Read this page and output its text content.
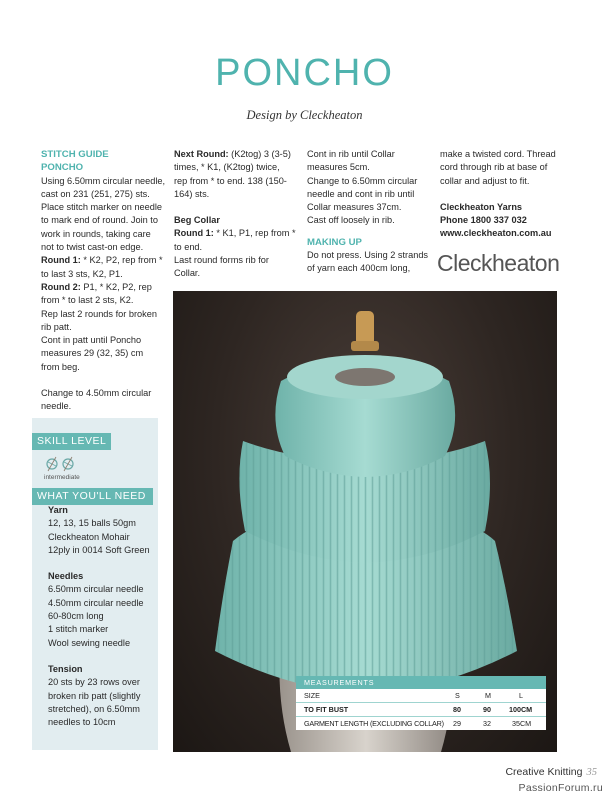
PONCHO
Design by Cleckheaton

STITCH GUIDE

PONCHO

Using 6.50mm circular needle,

cast on 231 (251, 275) sts.

Place stitch marker on needle

to mark end of round. Join to

work in rounds, taking care

not to twist cast-on edge.

Round 1: * K2, P2, rep from *

to last 3 sts, K2, P1.

Round 2: P1, * K2, P2, rep

from * to last 2 sts, K2.

Rep last 2 rounds for broken

rib patt.

Cont in patt until Poncho

measures 29 (32, 35) cm

from beg.

Change to 4.50mm circular

needle.

Next Round: (K2tog) 3 (3-5)

times, * K1, (K2tog) twice,

rep from * to end. 138 (150-

164) sts.

Beg Collar

Round 1: * K1, P1, rep from *

to end.

Last round forms rib for

Collar.

Cont in rib until Collar

measures 5cm.

Change to 6.50mm circular

needle and cont in rib until

Collar measures 37cm.

Cast off loosely in rib.

MAKING UP

Do not press. Using 2 strands

of yarn each 400cm long,

make a twisted cord. Thread

cord through rib at base of

collar and adjust to fit.

Cleckheaton Yarns

Phone 1800 337 032

www.cleckheaton.com.au

Cleckheaton
SKILL LEVEL
intermediate
WHAT YOU'LL NEED
Yarn
12, 13, 15 balls 50gm
Cleckheaton Mohair
12ply in 0014 Soft Green
Needles
6.50mm circular needle
4.50mm circular needle
60-80cm long
1 stitch marker
Wool sewing needle
Tension
20 sts by 23 rows over
broken rib patt (slightly
stretched), on 6.50mm
needles to 10cm
MEASUREMENTS
SIZE	S	M	L
TO FIT BUST	80	90	100CM
GARMENT LENGTH (EXCLUDING COLLAR) 29	32	35CM
Creative Knitting 35
PassionForum.ru
